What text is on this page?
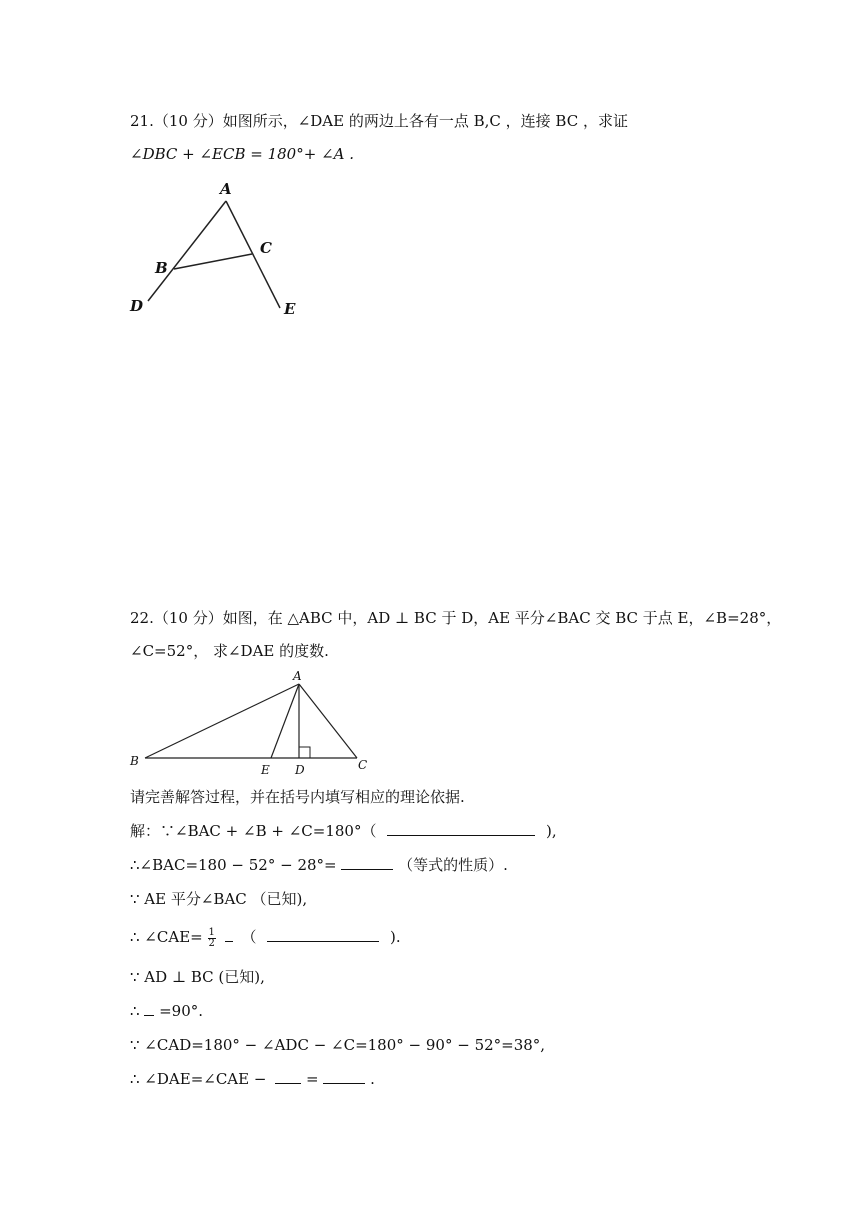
21.（10 分）如图所示，∠DAE 的两边上各有一点 B,C ，连接 BC ，求证
∠DBC + ∠ECB = 180°+ ∠A .
A
B
C
D	E
22.（10 分）如图，在 △ABC 中，AD ⊥ BC 于 D，AE 平分∠BAC 交 BC 于点 E，∠B=28°，
∠C=52°， 求∠DAE 的度数.
A
B	C
D
E
请完善解答过程，并在括号内填写相应的理论依据.
解：∵∠BAC + ∠B + ∠C=180°（	),
∴∠BAC=180 − 52° − 28°=	（等式的性质）.
∵ AE 平分∠BAC （已知),
∴ ∠CAE= $\frac{1}{2}$ （	).
∵ AD ⊥ BC (已知),
∴ =90°.
∵ ∠CAD=180° − ∠ADC − ∠C=180° − 90° − 52°=38°,
∴ ∠DAE=∠CAE −	=	.
